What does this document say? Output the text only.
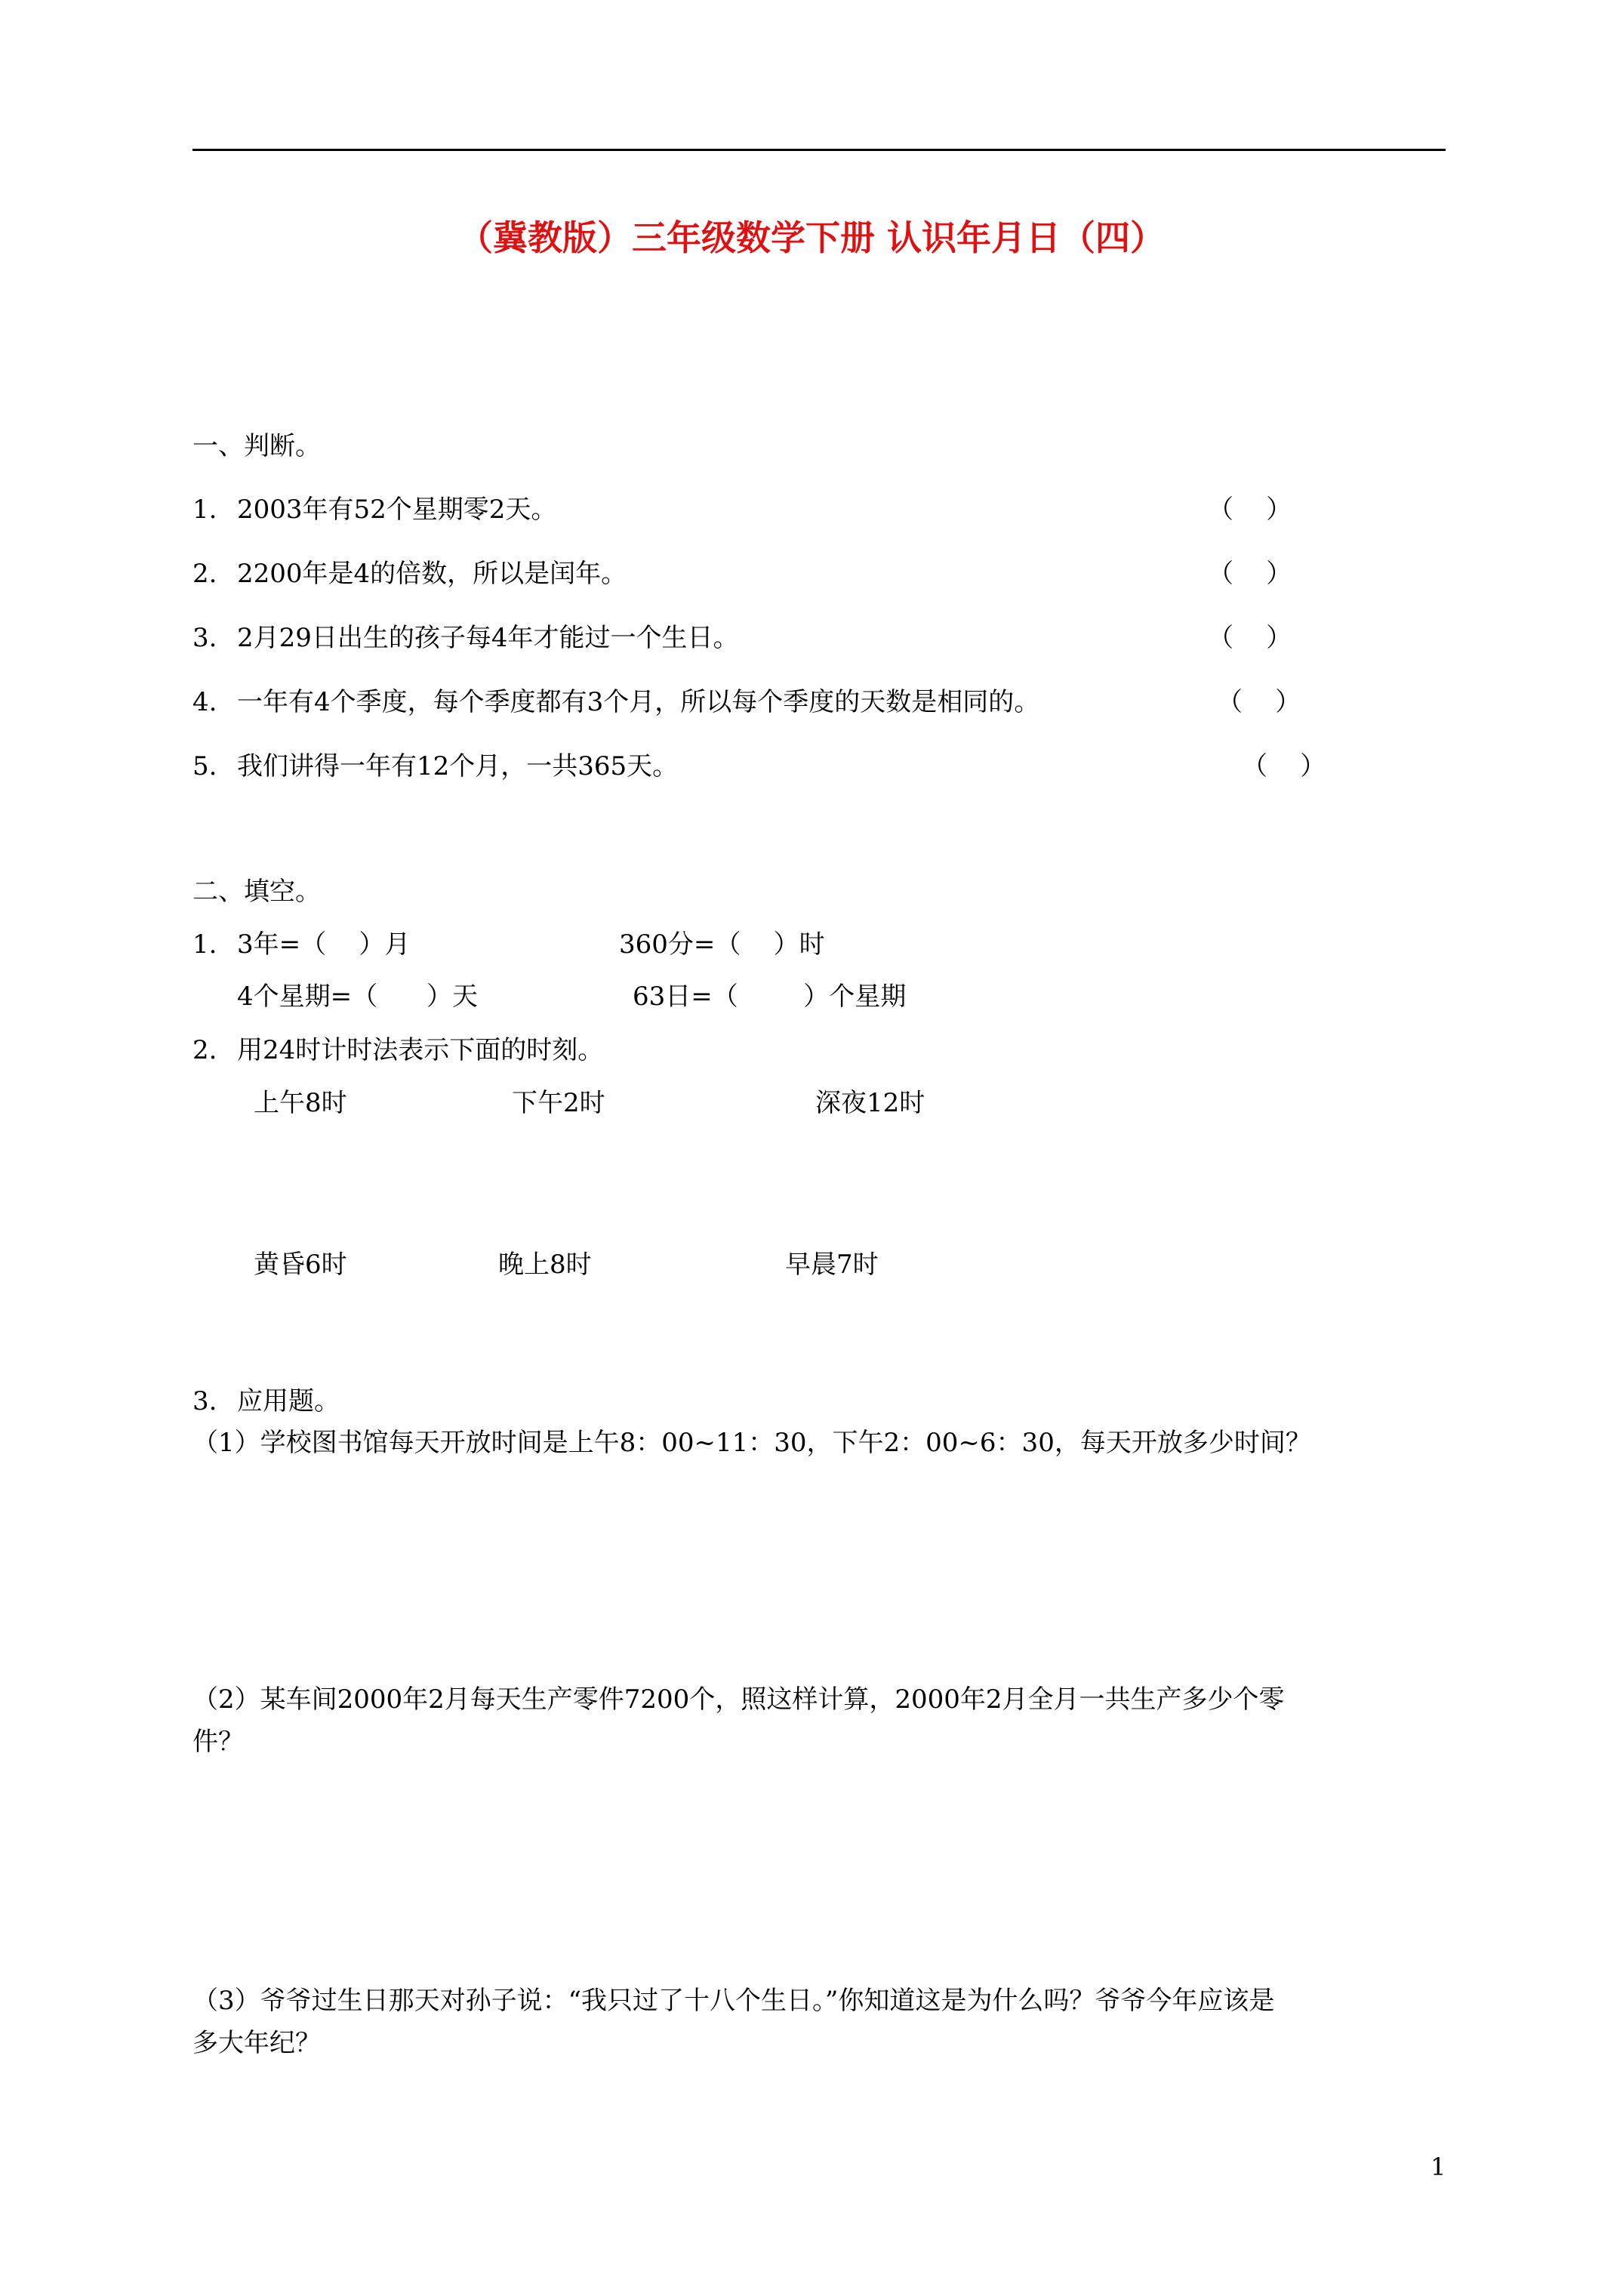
（冀教版）三年级数学下册 认识年月日（四）
一、判断。
1. 2003年有52个星期零2天。	（    ）
2. 2200年是4的倍数，所以是闰年。	（    ）
3. 2月29日出生的孩子每4年才能过一个生日。	（    ）
4. 一年有4个季度，每个季度都有3个月，所以每个季度的天数是相同的。	（    ）
5. 我们讲得一年有12个月，一共365天。	（    ）
二、填空。
1. 3年=（    ）月	360分=（    ）时
4个星期=（      ）天	63日=（        ）个星期
2. 用24时计时法表示下面的时刻。
上午8时	下午2时	深夜12时
黄昏6时	晚上8时	早晨7时
3. 应用题。
（1）学校图书馆每天开放时间是上午8：00~11：30，下午2：00~6：30，每天开放多少时间？
（2）某车间2000年2月每天生产零件7200个，照这样计算，2000年2月全月一共生产多少个零
件？
（3）爷爷过生日那天对孙子说：“我只过了十八个生日。”你知道这是为什么吗？爷爷今年应该是
多大年纪？
1
